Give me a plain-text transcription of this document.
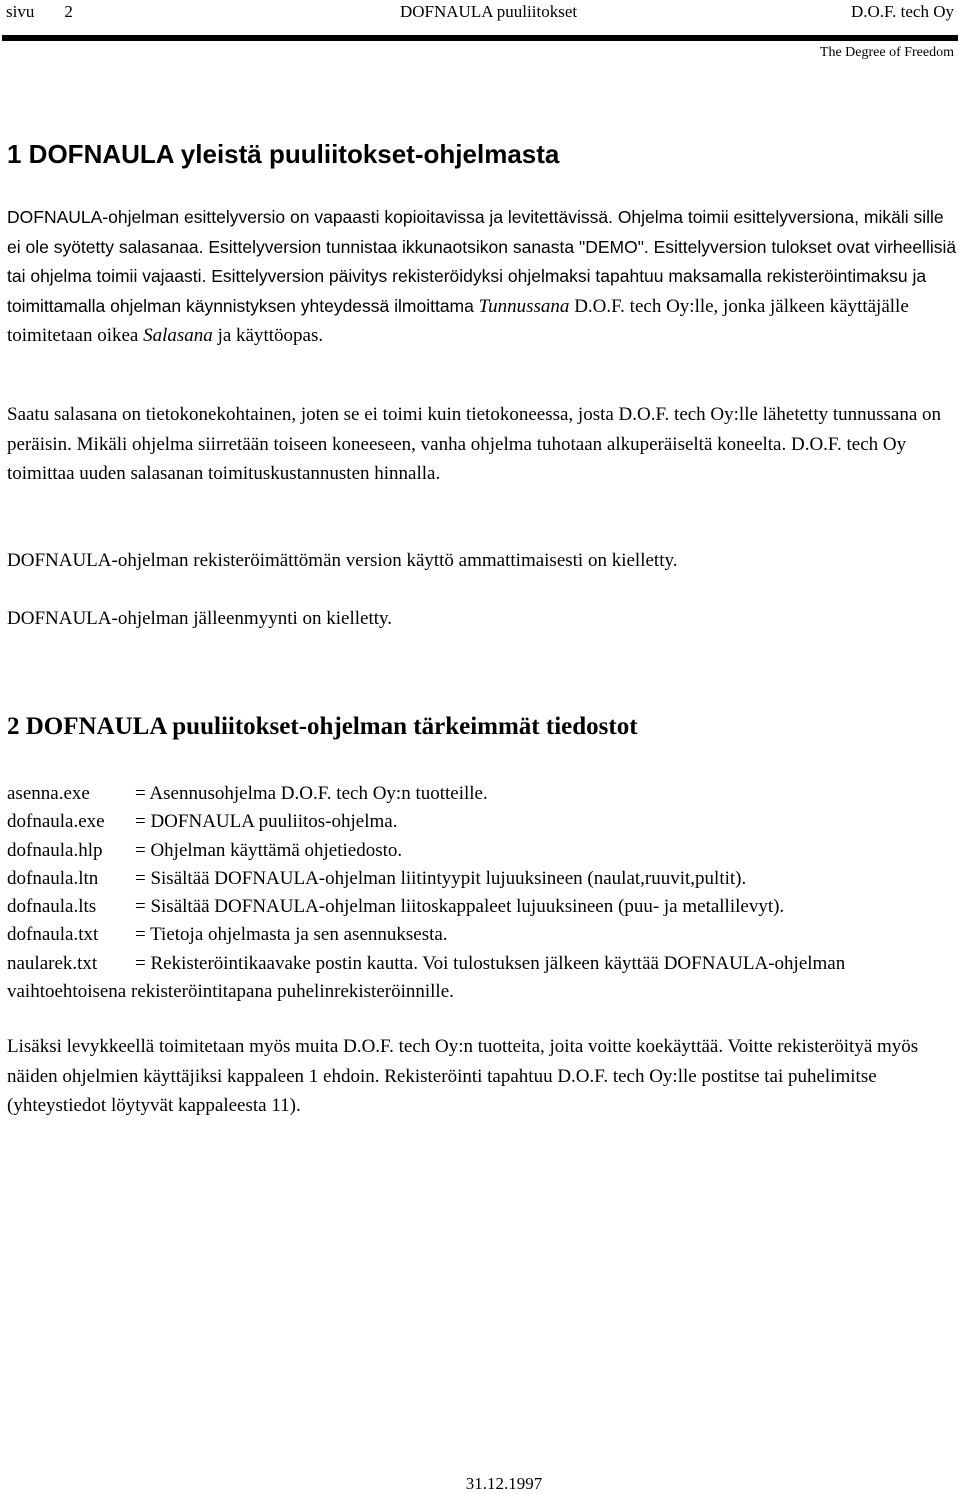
sivu 2	DOFNAULA puuliitokset	D.O.F. tech Oy
The Degree of Freedom
1 DOFNAULA yleistä puuliitokset-ohjelmasta

DOFNAULA-ohjelman esittelyversio on vapaasti kopioitavissa ja levitettävissä. Ohjelma toimii esittelyversiona, mikäli sille ei ole syötetty salasanaa. Esittelyversion tunnistaa ikkunaotsikon sanasta "DEMO". Esittelyversion tulokset ovat virheellisiä tai ohjelma toimii vajaasti. Esittelyversion päivitys rekisteröidyksi ohjelmaksi tapahtuu maksamalla rekisteröintimaksu ja toimittamalla ohjelman käynnistyksen yhteydessä ilmoittama Tunnussana D.O.F. tech Oy:lle, jonka jälkeen käyttäjälle toimitetaan oikea Salasana ja käyttöopas.

Saatu salasana on tietokonekohtainen, joten se ei toimi kuin tietokoneessa, josta D.O.F. tech Oy:lle lähetetty tunnussana on peräisin. Mikäli ohjelma siirretään toiseen koneeseen, vanha ohjelma tuhotaan alkuperäiseltä koneelta. D.O.F. tech Oy toimittaa uuden salasanan toimituskustannusten hinnalla.

DOFNAULA-ohjelman rekisteröimättömän version käyttö ammattimaisesti on kielletty.

DOFNAULA-ohjelman jälleenmyynti on kielletty.

2 DOFNAULA puuliitokset-ohjelman tärkeimmät tiedostot
asenna.exe = Asennusohjelma D.O.F. tech Oy:n tuotteille.
dofnaula.exe = DOFNAULA puuliitos-ohjelma.
dofnaula.hlp = Ohjelman käyttämä ohjetiedosto.
dofnaula.ltn = Sisältää DOFNAULA-ohjelman liitintyypit lujuuksineen (naulat,ruuvit,pultit).
dofnaula.lts = Sisältää DOFNAULA-ohjelman liitoskappaleet lujuuksineen (puu- ja metallilevyt).
dofnaula.txt = Tietoja ohjelmasta ja sen asennuksesta.
naularek.txt = Rekisteröintikaavake postin kautta. Voi tulostuksen jälkeen käyttää DOFNAULA-ohjelman vaihtoehtoisena rekisteröintitapana puhelinrekisteröinnille.

Lisäksi levykkeellä toimitetaan myös muita D.O.F. tech Oy:n tuotteita, joita voitte koekäyttää. Voitte rekisteröityä myös näiden ohjelmien käyttäjiksi kappaleen 1 ehdoin. Rekisteröinti tapahtuu D.O.F. tech Oy:lle postitse tai puhelimitse (yhteystiedot löytyvät kappaleesta 11).

31.12.1997
